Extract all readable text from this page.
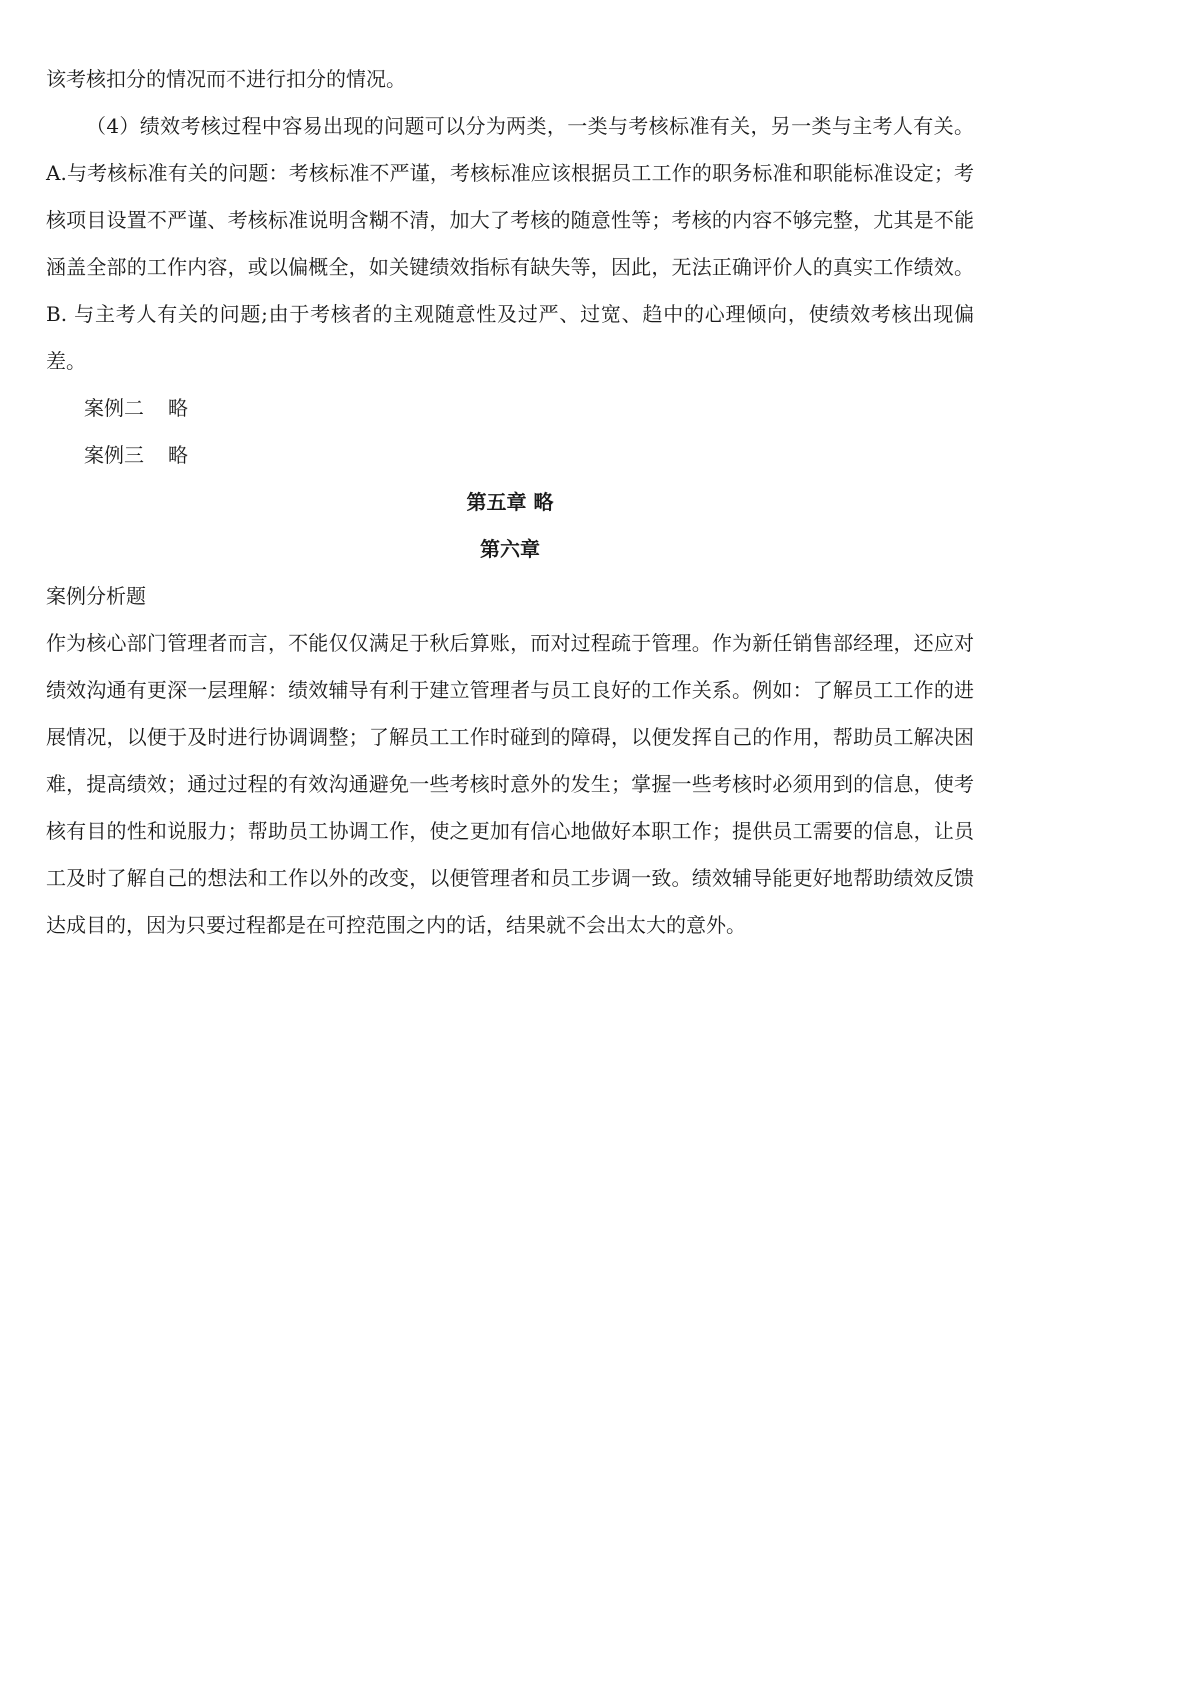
该考核扣分的情况而不进行扣分的情况。

（4）绩效考核过程中容易出现的问题可以分为两类，一类与考核标准有关，另一类与主考人有关。A.与考核标准有关的问题：考核标准不严谨，考核标准应该根据员工工作的职务标准和职能标准设定；考核项目设置不严谨、考核标准说明含糊不清，加大了考核的随意性等；考核的内容不够完整，尤其是不能涵盖全部的工作内容，或以偏概全，如关键绩效指标有缺失等，因此，无法正确评价人的真实工作绩效。B. 与主考人有关的问题;由于考核者的主观随意性及过严、过宽、趋中的心理倾向，使绩效考核出现偏差。

案例二 略

案例三 略

第五章 略

第六章

案例分析题

作为核心部门管理者而言，不能仅仅满足于秋后算账，而对过程疏于管理。作为新任销售部经理，还应对绩效沟通有更深一层理解：绩效辅导有利于建立管理者与员工良好的工作关系。例如：了解员工工作的进展情况，以便于及时进行协调调整；了解员工工作时碰到的障碍，以便发挥自己的作用，帮助员工解决困难，提高绩效；通过过程的有效沟通避免一些考核时意外的发生；掌握一些考核时必须用到的信息，使考核有目的性和说服力；帮助员工协调工作，使之更加有信心地做好本职工作；提供员工需要的信息，让员工及时了解自己的想法和工作以外的改变，以便管理者和员工步调一致。绩效辅导能更好地帮助绩效反馈达成目的，因为只要过程都是在可控范围之内的话，结果就不会出太大的意外。
